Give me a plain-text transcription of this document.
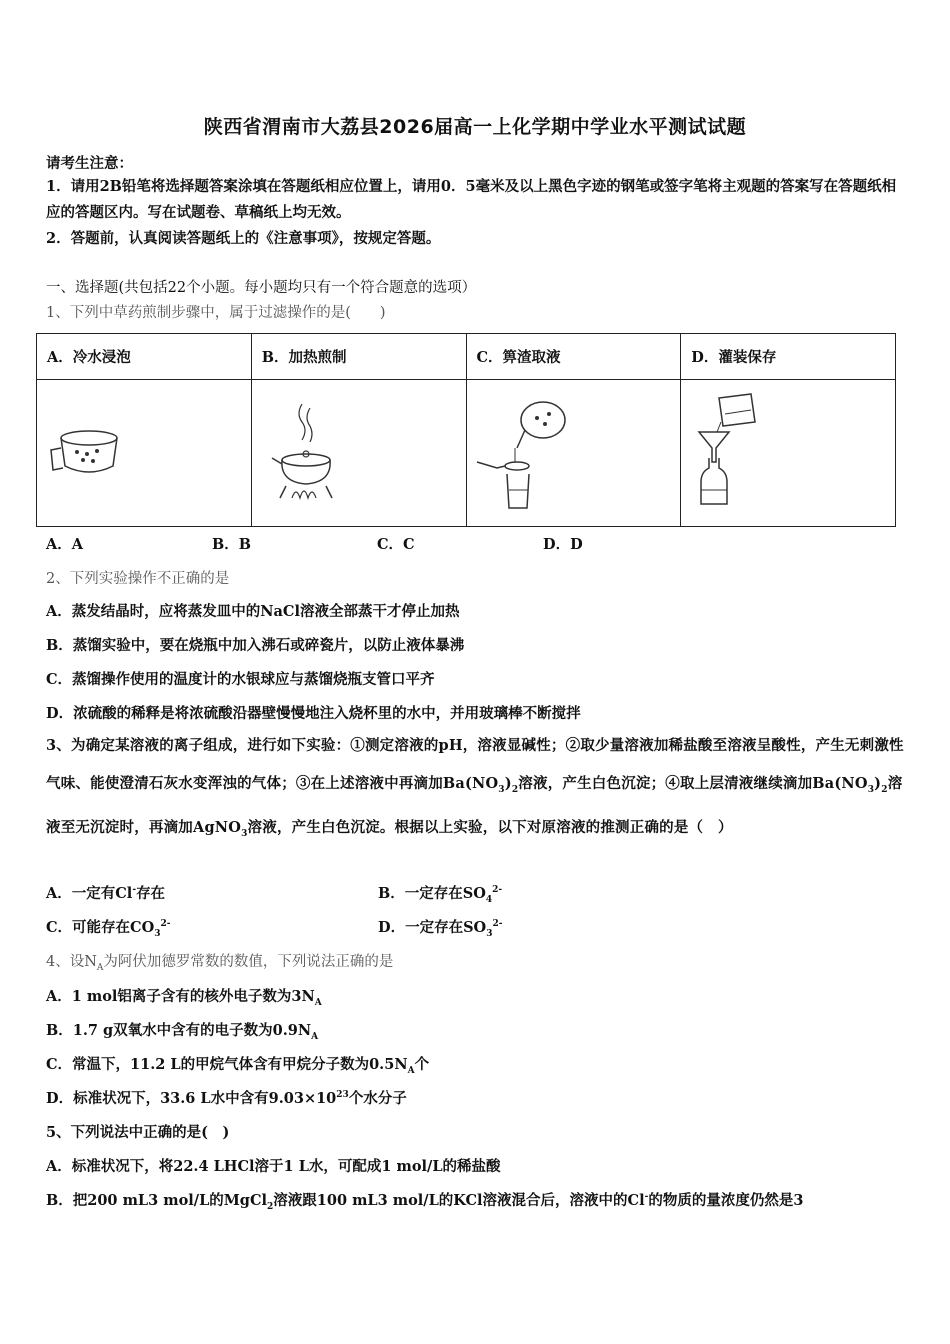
陕西省渭南市大荔县2026届高一上化学期中学业水平测试试题
请考生注意：
1．请用2B铅笔将选择题答案涂填在答题纸相应位置上，请用0．5毫米及以上黑色字迹的钢笔或签字笔将主观题的答案写在答题纸相应的答题区内。写在试题卷、草稿纸上均无效。
2．答题前，认真阅读答题纸上的《注意事项》，按规定答题。
一、选择题(共包括22个小题。每小题均只有一个符合题意的选项）
1、下列中草药煎制步骤中，属于过滤操作的是(　　)
A．冷水浸泡	B．加热煎制	C．箅渣取液	D．灌装保存

A．A	B．B	C．C	D．D
2、下列实验操作不正确的是
A．蒸发结晶时，应将蒸发皿中的NaCl溶液全部蒸干才停止加热
B．蒸馏实验中，要在烧瓶中加入沸石或碎瓷片，以防止液体暴沸
C．蒸馏操作使用的温度计的水银球应与蒸馏烧瓶支管口平齐
D．浓硫酸的稀释是将浓硫酸沿器壁慢慢地注入烧杯里的水中，并用玻璃棒不断搅拌
3、为确定某溶液的离子组成，进行如下实验：①测定溶液的pH，溶液显碱性；②取少量溶液加稀盐酸至溶液呈酸性，产生无刺激性气味、能使澄清石灰水变浑浊的气体；③在上述溶液中再滴加$Ba(NO_3)_2$溶液，产生白色沉淀；④取上层清液继续滴加$Ba(NO_3)_2$溶液至无沉淀时，再滴加AgNO$_3$溶液，产生白色沉淀。根据以上实验，以下对原溶液的推测正确的是（　）
A．一定有Cl-存在	B．一定存在$SO_4^{2-}$
C．可能存在$CO_3^{2-}$	D．一定存在$SO_3^{2-}$
4、设$N_A$为阿伏加德罗常数的数值，下列说法正确的是
A．1 mol铝离子含有的核外电子数为$3N_A$
B．1.7 g双氧水中含有的电子数为$0.9N_A$
C．常温下，11.2 L的甲烷气体含有甲烷分子数为$0.5N_A$个
D．标准状况下，33.6 L水中含有$9.03\times 10^{23}$个水分子
5、下列说法中正确的是(　)
A．标准状况下，将22.4 LHCl溶于1 L水，可配成1 mol/L的稀盐酸
B．把200 mL3 mol/L的MgCl$_2$溶液跟100 mL3 mol/L的KCl溶液混合后，溶液中的Cl-的物质的量浓度仍然是3
